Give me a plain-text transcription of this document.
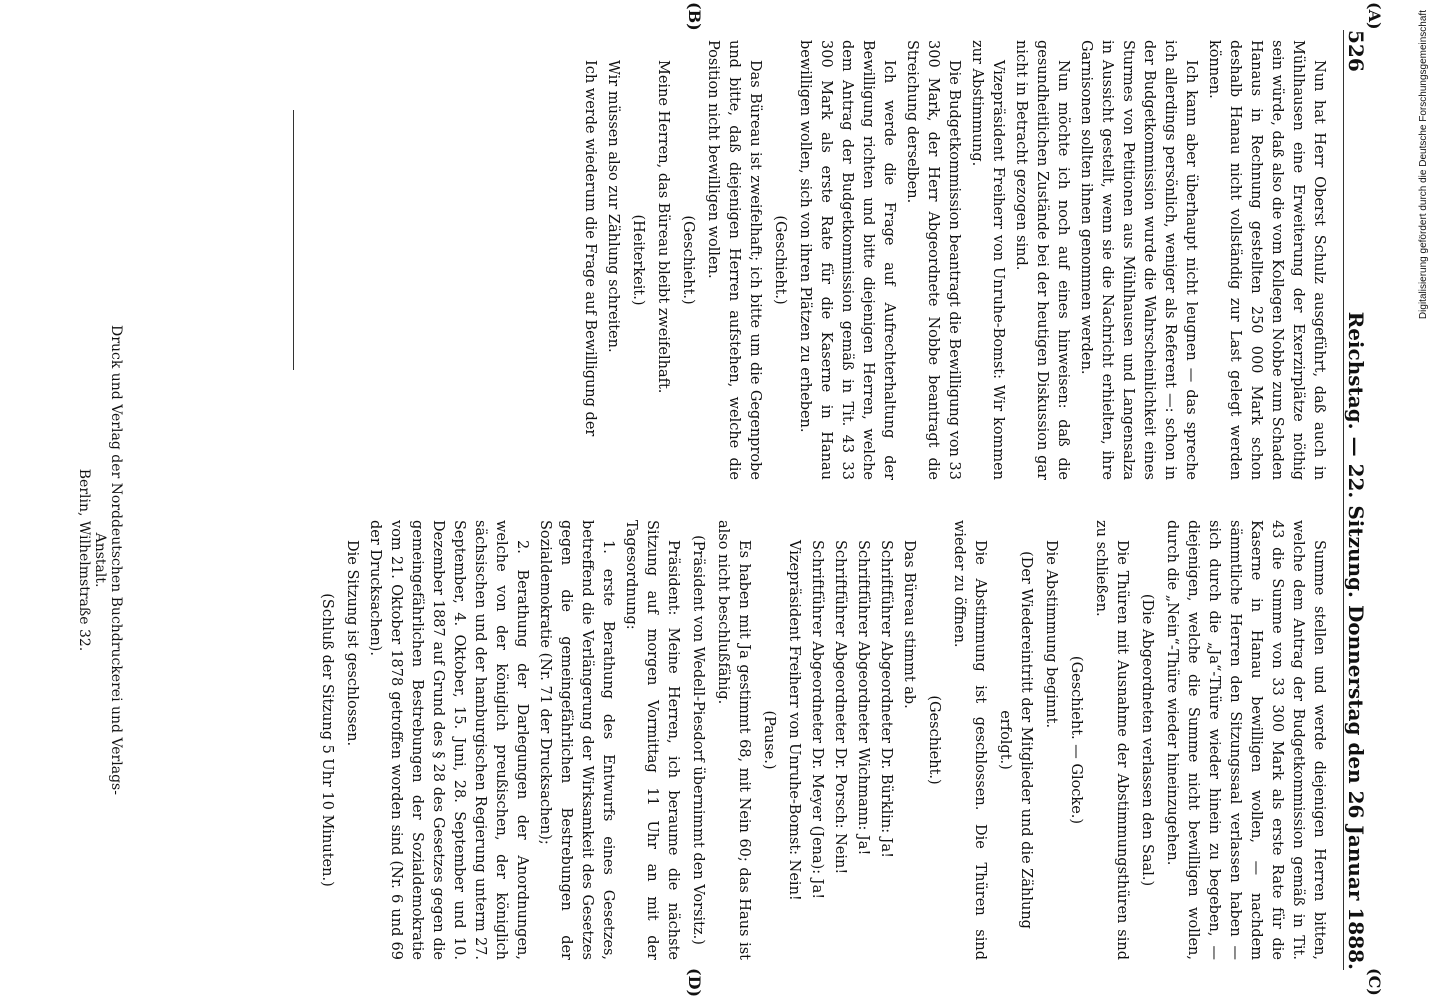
526
Reichstag. — 22. Sitzung. Donnerstag den 26 Januar 1888.
(A)
(B)
(C)
(D)

Nun hat Herr Oberst Schulz ausgeführt, daß auch in Mühlhausen eine Erweiterung der Exerzirplätze nöthig sein würde, daß also die vom Kollegen Nobbe zum Schaden Hanaus in Rechnung gestellten 250 000 Mark schon deshalb Hanau nicht vollständig zur Last gelegt werden können.

Ich kann aber überhaupt nicht leugnen — das spreche ich allerdings persönlich, weniger als Referent —: schon in der Budgetkommission wurde die Wahrscheinlichkeit eines Sturmes von Petitionen aus Mühlhausen und Langensalza in Aussicht gestellt, wenn sie die Nachricht erhielten, ihre Garnisonen sollten ihnen genommen werden.

Nun möchte ich noch auf eines hinweisen: daß die gesundheitlichen Zustände bei der heutigen Diskussion gar nicht in Betracht gezogen sind.

Vizepräsident Freiherr von Unruhe-Bomst: Wir kommen zur Abstimmung.

Die Budgetkommission beantragt die Bewilligung von 33 300 Mark, der Herr Abgeordnete Nobbe beantragt die Streichung derselben.

Ich werde die Frage auf Aufrechterhaltung der Bewilligung richten und bitte diejenigen Herren, welche dem Antrag der Budgetkommission gemäß in Tit. 43 33 300 Mark als erste Rate für die Kaserne in Hanau bewilligen wollen, sich von ihren Plätzen zu erheben.

(Geschieht.)

Das Büreau ist zweifelhaft; ich bitte um die Gegenprobe und bitte, daß diejenigen Herren aufstehen, welche die Position nicht bewilligen wollen.

(Geschieht.)

Meine Herren, das Büreau bleibt zweifelhaft.

(Heiterkeit.)

Wir müssen also zur Zählung schreiten.

Ich werde wiederum die Frage auf Bewilligung der

Summe stellen und werde diejenigen Herren bitten, welche dem Antrag der Budgetkommission gemäß in Tit. 43 die Summe von 33 300 Mark als erste Rate für die Kaserne in Hanau bewilligen wollen, — nachdem sämmtliche Herren den Sitzungssaal verlassen haben — sich durch die „Ja“-Thüre wieder hinein zu begeben, — diejenigen, welche die Summe nicht bewilligen wollen, durch die „Nein“-Thüre wieder hineinzugehen.

(Die Abgeordneten verlassen den Saal.)

Die Thüren mit Ausnahme der Abstimmungsthüren sind zu schließen.

(Geschieht. — Glocke.)

Die Abstimmung beginnt.

(Der Wiedereintritt der Mitglieder und die Zählung erfolgt.)

Die Abstimmung ist geschlossen. Die Thüren sind wieder zu öffnen.

(Geschieht.)

Das Büreau stimmt ab.

Schriftführer Abgeordneter Dr. Bürklin: Ja!

Schriftführer Abgeordneter Wichmann: Ja!

Schriftführer Abgeordneter Dr. Porsch: Nein!

Schriftführer Abgeordneter Dr. Meyer (Jena): Ja!

Vizepräsident Freiherr von Unruhe-Bomst: Nein!

(Pause.)

Es haben mit Ja gestimmt 68, mit Nein 60; das Haus ist also nicht beschlußfähig.

(Präsident von Wedell-Piesdorf übernimmt den Vorsitz.)

Präsident: Meine Herren, ich beraume die nächste Sitzung auf morgen Vormittag 11 Uhr an mit der Tagesordnung:

1. erste Berathung des Entwurfs eines Gesetzes, betreffend die Verlängerung der Wirksamkeit des Gesetzes gegen die gemeingefährlichen Bestrebungen der Sozialdemokratie (Nr. 71 der Drucksachen);

2. Berathung der Darlegungen der Anordnungen, welche von der königlich preußischen, der königlich sächsischen und der hamburgischen Regierung unterm 27. September, 4. Oktober, 15. Juni, 28. September und 10. Dezember 1887 auf Grund des § 28 des Gesetzes gegen die gemeingefährlichen Bestrebungen der Sozialdemokratie vom 21. Oktober 1878 getroffen worden sind (Nr. 6 und 69 der Drucksachen).

Die Sitzung ist geschlossen.

(Schluß der Sitzung 5 Uhr 10 Minuten.)

Druck und Verlag der Norddeutschen Buchdruckerei und Verlags-Anstalt.
Berlin, Wilhelmstraße 32.
Digitalisierung gefördert durch die Deutsche Forschungsgemeinschaft
